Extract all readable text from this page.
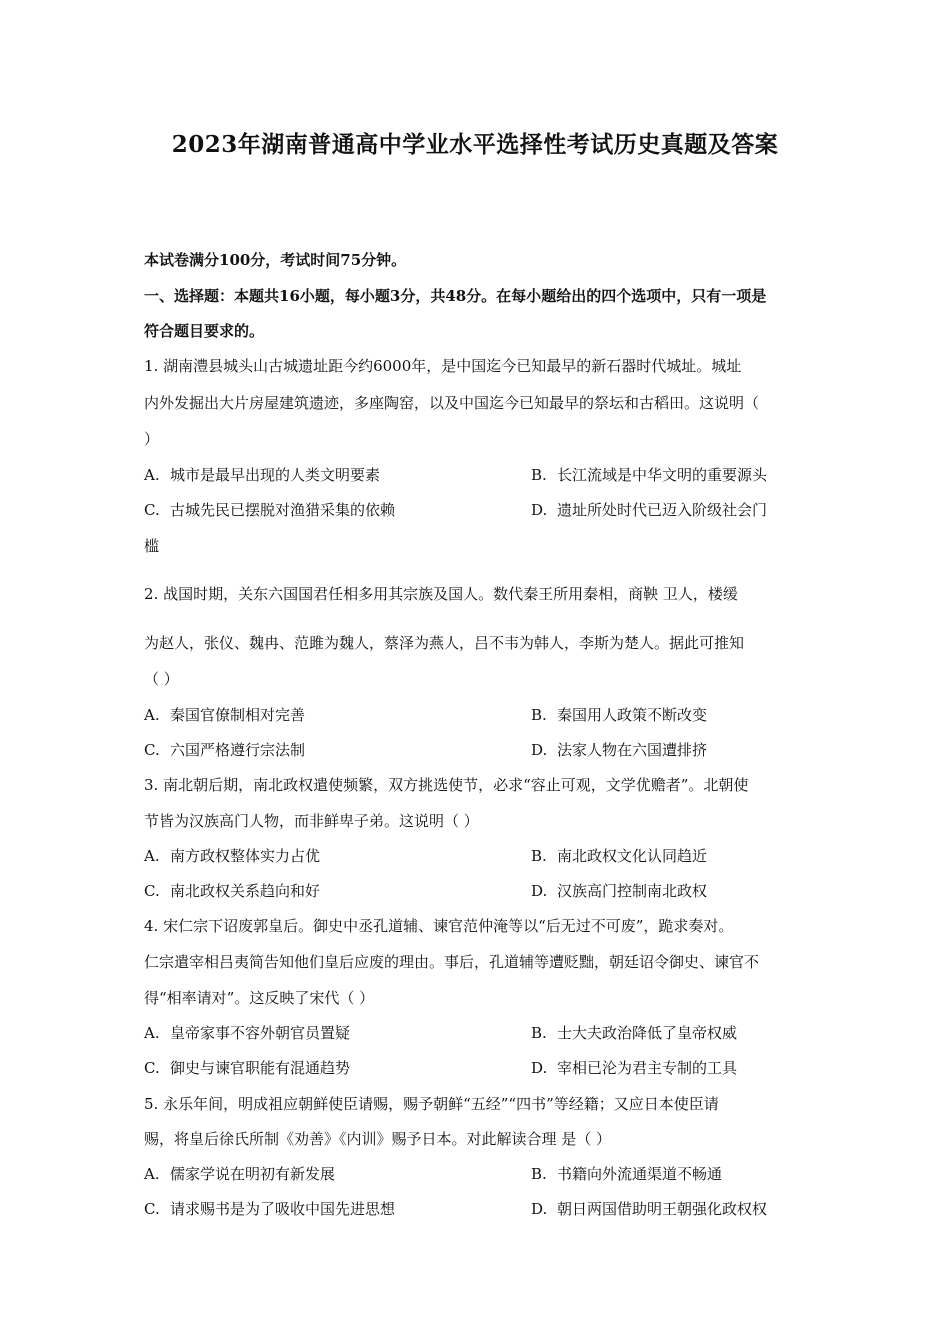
2023年湖南普通高中学业水平选择性考试历史真题及答案
本试卷满分100分，考试时间75分钟。
一、选择题：本题共16小题，每小题3分，共48分。在每小题给出的四个选项中，只有一项是
符合题目要求的。
1. 湖南澧县城头山古城遗址距今约6000年，是中国迄今已知最早的新石器时代城址。城址
内外发掘出大片房屋建筑遗迹，多座陶窑，以及中国迄今已知最早的祭坛和古稻田。这说明（
）
A. 城市是最早出现的人类文明要素	B. 长江流域是中华文明的重要源头
C. 古城先民已摆脱对渔猎采集的依赖	D. 遗址所处时代已迈入阶级社会门
槛
2. 战国时期，关东六国国君任相多用其宗族及国人。数代秦王所用秦相，商鞅 卫人，楼缓
为赵人，张仪、魏冉、范雎为魏人，蔡泽为燕人，吕不韦为韩人，李斯为楚人。据此可推知
（ ）
A. 秦国官僚制相对完善	B. 秦国用人政策不断改变
C. 六国严格遵行宗法制	D. 法家人物在六国遭排挤
3. 南北朝后期，南北政权遣使频繁，双方挑选使节，必求“容止可观，文学优赡者”。北朝使
节皆为汉族高门人物，而非鲜卑子弟。这说明（ ）
A. 南方政权整体实力占优	B. 南北政权文化认同趋近
C. 南北政权关系趋向和好	D. 汉族高门控制南北政权
4. 宋仁宗下诏废郭皇后。御史中丞孔道辅、谏官范仲淹等以“后无过不可废”，跪求奏对。
仁宗遣宰相吕夷简告知他们皇后应废的理由。事后，孔道辅等遭贬黜，朝廷诏令御史、谏官不
得“相率请对”。这反映了宋代（ ）
A. 皇帝家事不容外朝官员置疑	B. 士大夫政治降低了皇帝权威
C. 御史与谏官职能有混通趋势	D. 宰相已沦为君主专制的工具
5. 永乐年间，明成祖应朝鲜使臣请赐，赐予朝鲜“五经”“四书”等经籍；又应日本使臣请
赐，将皇后徐氏所制《劝善》《内训》赐予日本。对此解读合理 是（ ）
A. 儒家学说在明初有新发展	B. 书籍向外流通渠道不畅通
C. 请求赐书是为了吸收中国先进思想	D. 朝日两国借助明王朝强化政权权
